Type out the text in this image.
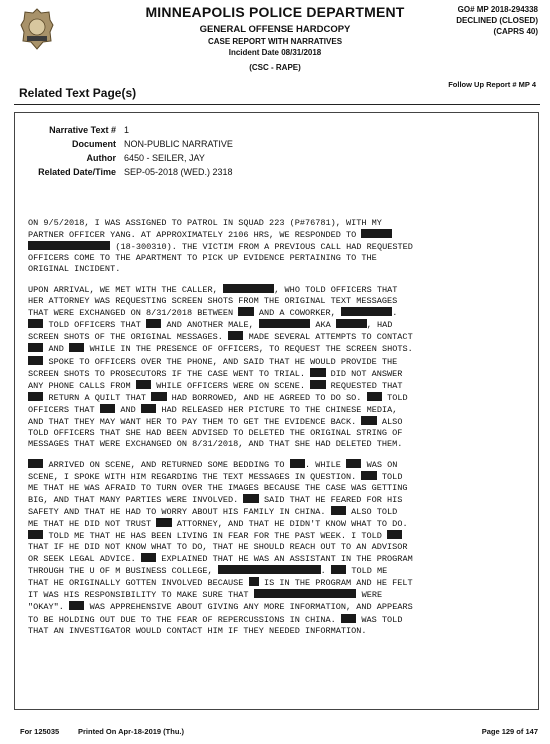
MINNEAPOLIS POLICE DEPARTMENT
GENERAL OFFENSE HARDCOPY
CASE REPORT WITH NARRATIVES
Incident Date 08/31/2018
(CSC - RAPE)
GO# MP 2018-294338
DECLINED (CLOSED)
(CAPRS 40)
Related Text Page(s)
Follow Up Report # MP 4
Narrative Text # 1
Document NON-PUBLIC NARRATIVE
Author 6450 - SEILER, JAY
Related Date/Time SEP-05-2018 (WED.) 2318

ON 9/5/2018, I WAS ASSIGNED TO PATROL IN SQUAD 223 (P#76781), WITH MY
PARTNER OFFICER YANG. AT APPROXIMATELY 2106 HRS, WE RESPONDED TO
(18-300310). THE VICTIM FROM A PREVIOUS CALL HAD REQUESTED
OFFICERS COME TO THE APARTMENT TO PICK UP EVIDENCE PERTAINING TO THE
ORIGINAL INCIDENT.

UPON ARRIVAL, WE MET WITH THE CALLER,	, WHO TOLD OFFICERS THAT
HER ATTORNEY WAS REQUESTING SCREEN SHOTS FROM THE ORIGINAL TEXT MESSAGES
THAT WERE EXCHANGED ON 8/31/2018 BETWEEN  AND A COWORKER,	.
TOLD OFFICERS THAT  AND ANOTHER MALE,	AKA	, HAD
SCREEN SHOTS OF THE ORIGINAL MESSAGES.  MADE SEVERAL ATTEMPTS TO CONTACT
AND  WHILE IN THE PRESENCE OF OFFICERS, TO REQUEST THE SCREEN SHOTS.
SPOKE TO OFFICERS OVER THE PHONE, AND SAID THAT HE WOULD PROVIDE THE
SCREEN SHOTS TO PROSECUTORS IF THE CASE WENT TO TRIAL.  DID NOT ANSWER
ANY PHONE CALLS FROM  WHILE OFFICERS WERE ON SCENE.  REQUESTED THAT
RETURN A QUILT THAT  HAD BORROWED, AND HE AGREED TO DO SO.  TOLD
OFFICERS THAT  AND  HAD RELEASED HER PICTURE TO THE CHINESE MEDIA,
AND THAT THEY MAY WANT HER TO PAY THEM TO GET THE EVIDENCE BACK.  ALSO
TOLD OFFICERS THAT SHE HAD BEEN ADVISED TO DELETED THE ORIGINAL STRING OF
MESSAGES THAT WERE EXCHANGED ON 8/31/2018, AND THAT SHE HAD DELETED THEM.

ARRIVED ON SCENE, AND RETURNED SOME BEDDING TO . WHILE  WAS ON
SCENE, I SPOKE WITH HIM REGARDING THE TEXT MESSAGES IN QUESTION.  TOLD
ME THAT HE WAS AFRAID TO TURN OVER THE IMAGES BECAUSE THE CASE WAS GETTING
BIG, AND THAT MANY PARTIES WERE INVOLVED.  SAID THAT HE FEARED FOR HIS
SAFETY AND THAT HE HAD TO WORRY ABOUT HIS FAMILY IN CHINA.  ALSO TOLD
ME THAT HE DID NOT TRUST  ATTORNEY, AND THAT HE DIDN'T KNOW WHAT TO DO.
TOLD ME THAT HE HAS BEEN LIVING IN FEAR FOR THE PAST WEEK. I TOLD
THAT IF HE DID NOT KNOW WHAT TO DO, THAT HE SHOULD REACH OUT TO AN ADVISOR
OR SEEK LEGAL ADVICE.  EXPLAINED THAT HE WAS AN ASSISTANT IN THE PROGRAM
THROUGH THE U OF M BUSINESS COLLEGE,	.  TOLD ME
THAT HE ORIGINALLY GOTTEN INVOLVED BECAUSE  IS IN THE PROGRAM AND HE FELT
IT WAS HIS RESPONSIBILITY TO MAKE SURE THAT	WERE
"OKAY".  WAS APPREHENSIVE ABOUT GIVING ANY MORE INFORMATION, AND APPEARS
TO BE HOLDING OUT DUE TO THE FEAR OF REPERCUSSIONS IN CHINA.  WAS TOLD
THAT AN INVESTIGATOR WOULD CONTACT HIM IF THEY NEEDED INFORMATION.

For 125035	Printed On Apr-18-2019 (Thu.)	Page 129 of 147
